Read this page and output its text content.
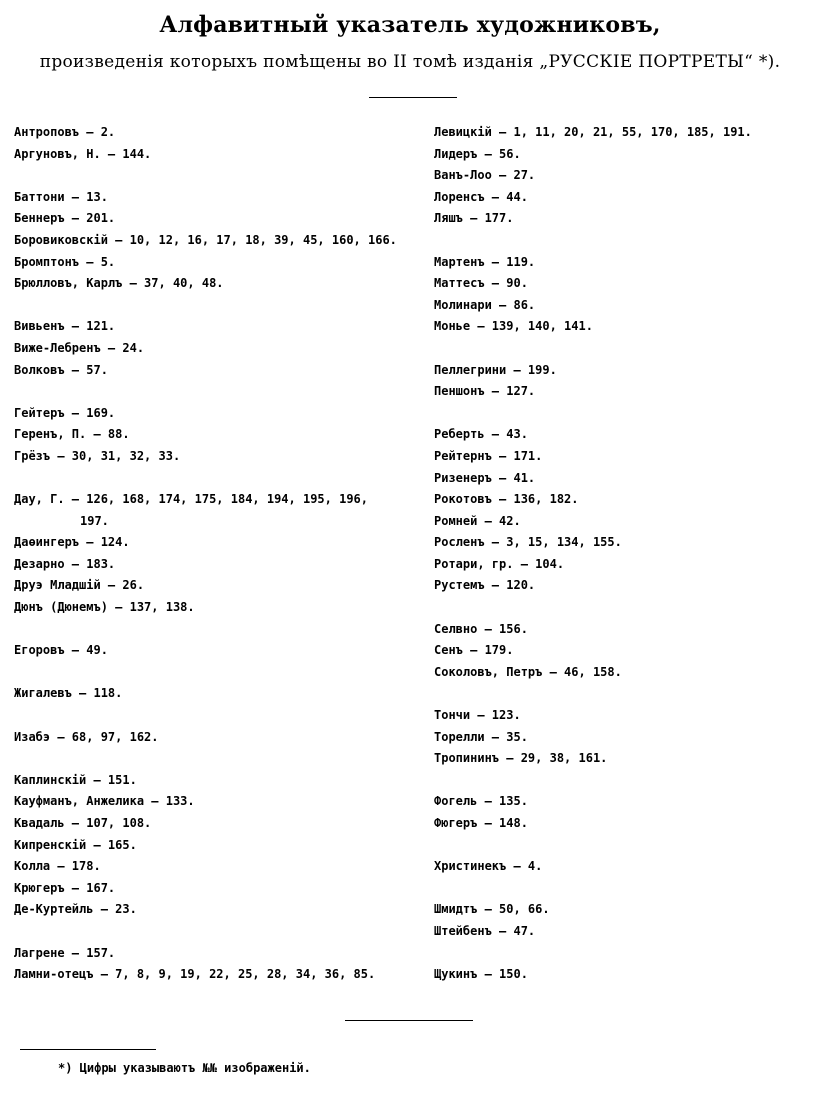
Алфавитный указатель художниковъ,
произведенія которыхъ помѣщены во II томѣ изданія „РУССКІЕ ПОРТРЕТЫ“ *).
Антроповъ — 2.
Аргуновъ, Н. — 144.
Баттони — 13.
Беннеръ — 201.
Боровиковскій — 10, 12, 16, 17, 18, 39, 45, 160, 166.
Бромптонъ — 5.
Брюлловъ, Карлъ — 37, 40, 48.
Вивьенъ — 121.
Виже-Лебренъ — 24.
Волковъ — 57.
Гейтеръ — 169.
Геренъ, П. — 88.
Грёзъ — 30, 31, 32, 33.
Дау, Г. — 126, 168, 174, 175, 184, 194, 195, 196,
197.
Даѳингеръ — 124.
Дезарно — 183.
Друэ Младшій — 26.
Дюнъ (Дюнемъ) — 137, 138.
Егоровъ — 49.
Жигалевъ — 118.
Изабэ — 68, 97, 162.
Каплинскій — 151.
Кауфманъ, Анжелика — 133.
Квадаль — 107, 108.
Кипренскій — 165.
Колла — 178.
Крюгеръ — 167.
Де-Куртейль — 23.
Лагрене — 157.
Ламни-отецъ — 7, 8, 9, 19, 22, 25, 28, 34, 36, 85.
Левицкій — 1, 11, 20, 21, 55, 170, 185, 191.
Лидеръ — 56.
Ванъ-Лоо — 27.
Лоренсъ — 44.
Ляшъ — 177.
Мартенъ — 119.
Маттесъ — 90.
Молинари — 86.
Монье — 139, 140, 141.
Пеллегрини — 199.
Пеншонъ — 127.
Реберть — 43.
Рейтернъ — 171.
Ризенеръ — 41.
Рокотовъ — 136, 182.
Ромней — 42.
Росленъ — 3, 15, 134, 155.
Ротари, гр. — 104.
Рустемъ — 120.
Селвно — 156.
Сенъ — 179.
Соколовъ, Петръ — 46, 158.
Тончи — 123.
Торелли — 35.
Тропининъ — 29, 38, 161.
Фогель — 135.
Фюгеръ — 148.
Христинекъ — 4.
Шмидтъ — 50, 66.
Штейбенъ — 47.
Щукинъ — 150.
*) Цифры указываютъ №№ изображеній.
